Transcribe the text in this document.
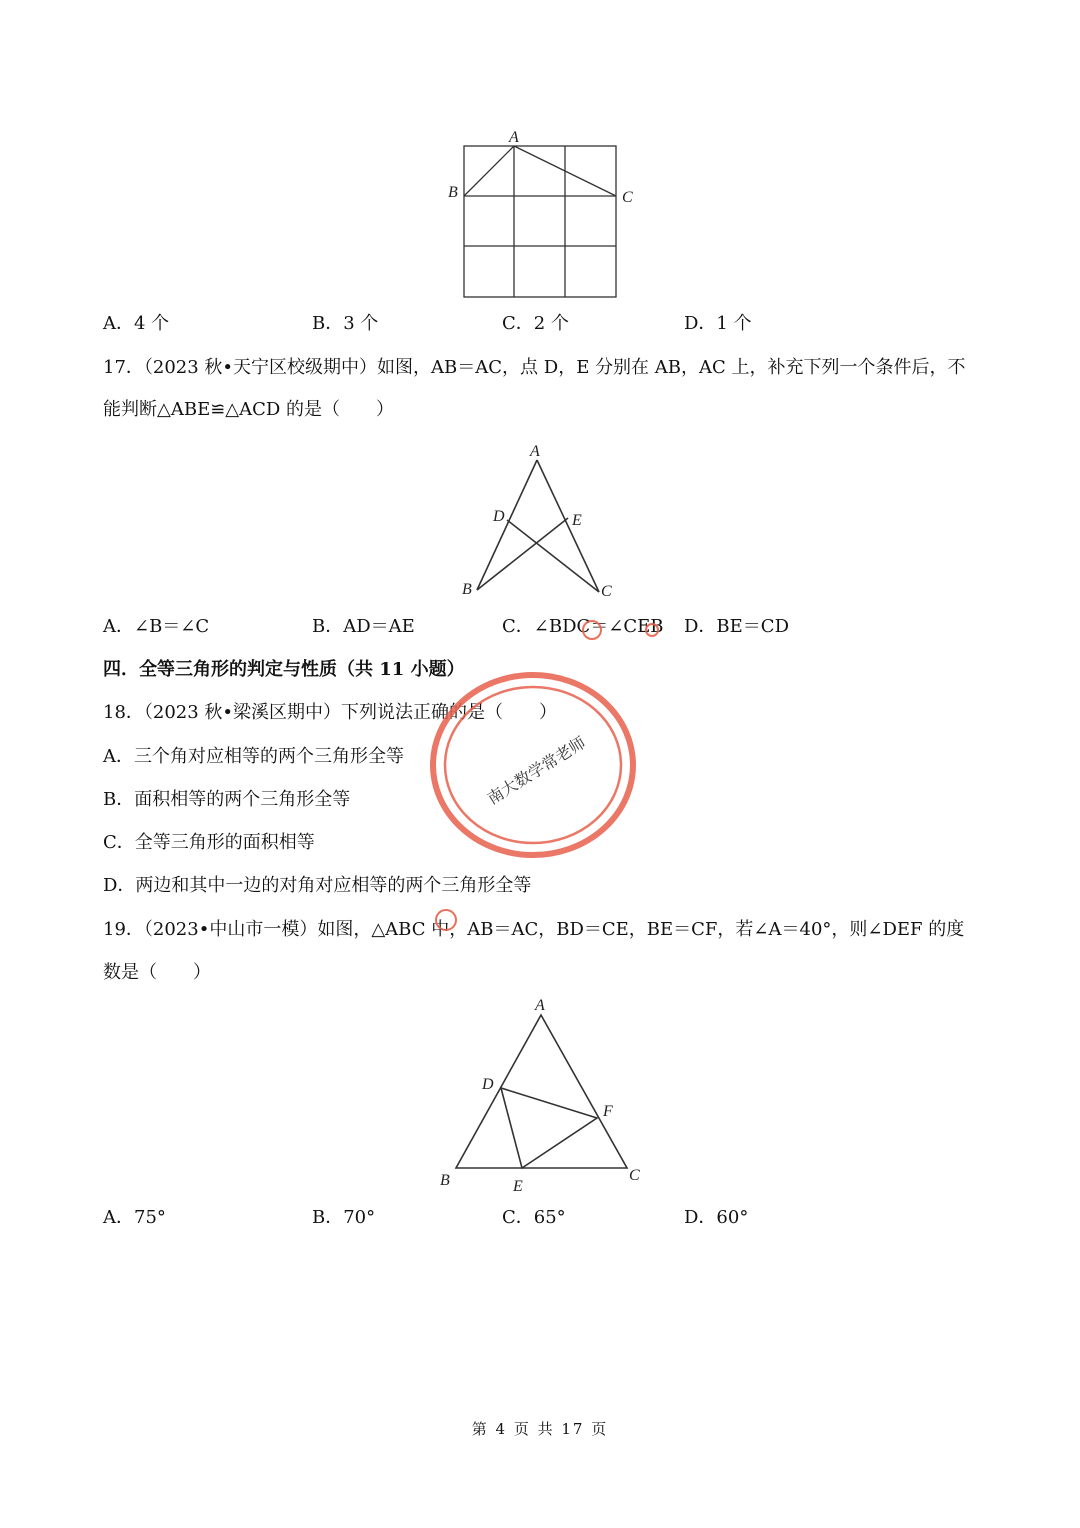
A
B	C
A．4 个	B．3 个	C．2 个	D．1 个
17．（2023 秋•天宁区校级期中）如图，AB＝AC，点 D，E 分别在 AB，AC 上，补充下列一个条件后，不
能判断△ABE≌△ACD 的是（　　）
A
D	E
B	C
A．∠B＝∠C	B．AD＝AE	C．∠BDC＝∠CEB D．BE＝CD
四．全等三角形的判定与性质（共 11 小题）
18．（2023 秋•梁溪区期中）下列说法正确的是（　　）
A．三个角对应相等的两个三角形全等
B．面积相等的两个三角形全等
C．全等三角形的面积相等
D．两边和其中一边的对角对应相等的两个三角形全等
19．（2023•中山市一模）如图，△ABC 中，AB＝AC，BD＝CE，BE＝CF，若∠A＝40°，则∠DEF 的度
数是（　　）
A
D
F
B	E
C
A．75°	B．70°	C．65°	D．60°
南大数学常老师
第 4 页 共 17 页
